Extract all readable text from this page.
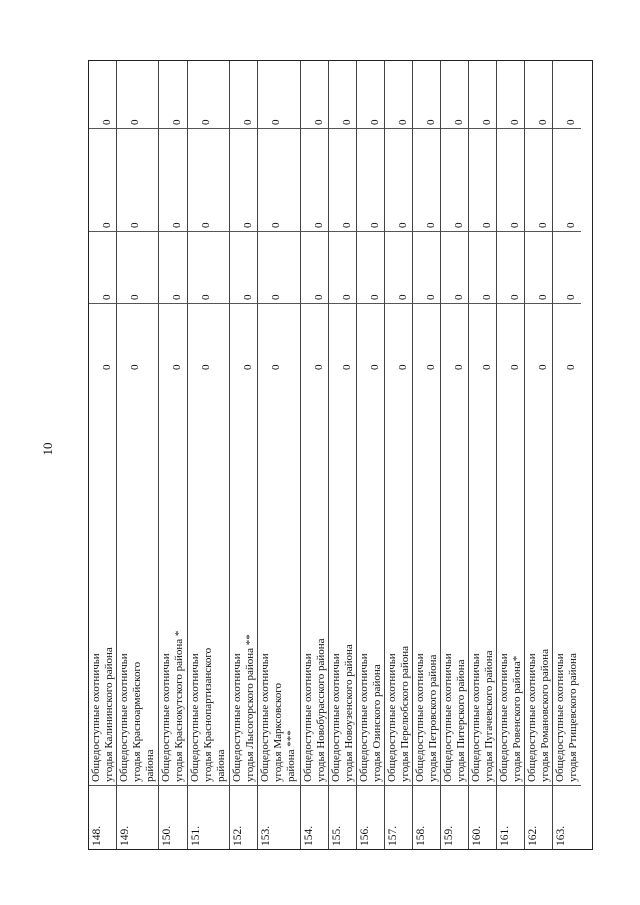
10
148.
Общедоступные охотничьи
угодья Калининского района
0
0
0
0
149.
Общедоступные охотничьи
угодья Красноармейского
района
0
0
0
0
150.
Общедоступные охотничьи
угодья Краснокутского района *
0
0
0
0
151.
Общедоступные охотничьи
угодья Краснопартизанского
района
0
0
0
0
152.
Общедоступные охотничьи
угодья Лысогорского района **
0
0
0
0
153.
Общедоступные охотничьи
угодья Марксовского
района ***
0
0
0
0
154.
Общедоступные охотничьи
угодья Новобурасского района
0
0
0
0
155.
Общедоступные охотничьи
угодья Новоузенского района
0
0
0
0
156.
Общедоступные охотничьи
угодья Озинского района
0
0
0
0
157.
Общедоступные охотничьи
угодья Перелюбского района
0
0
0
0
158.
Общедоступные охотничьи
угодья Петровского района
0
0
0
0
159.
Общедоступные охотничьи
угодья Питерского района
0
0
0
0
160.
Общедоступные охотничьи
угодья Пугачевского района
0
0
0
0
161.
Общедоступные охотничьи
угодья Ровенского района*
0
0
0
0
162.
Общедоступные охотничьи
угодья Романовского района
0
0
0
0
163.
Общедоступные охотничьи
угодья Ртищевского района
0
0
0
0
